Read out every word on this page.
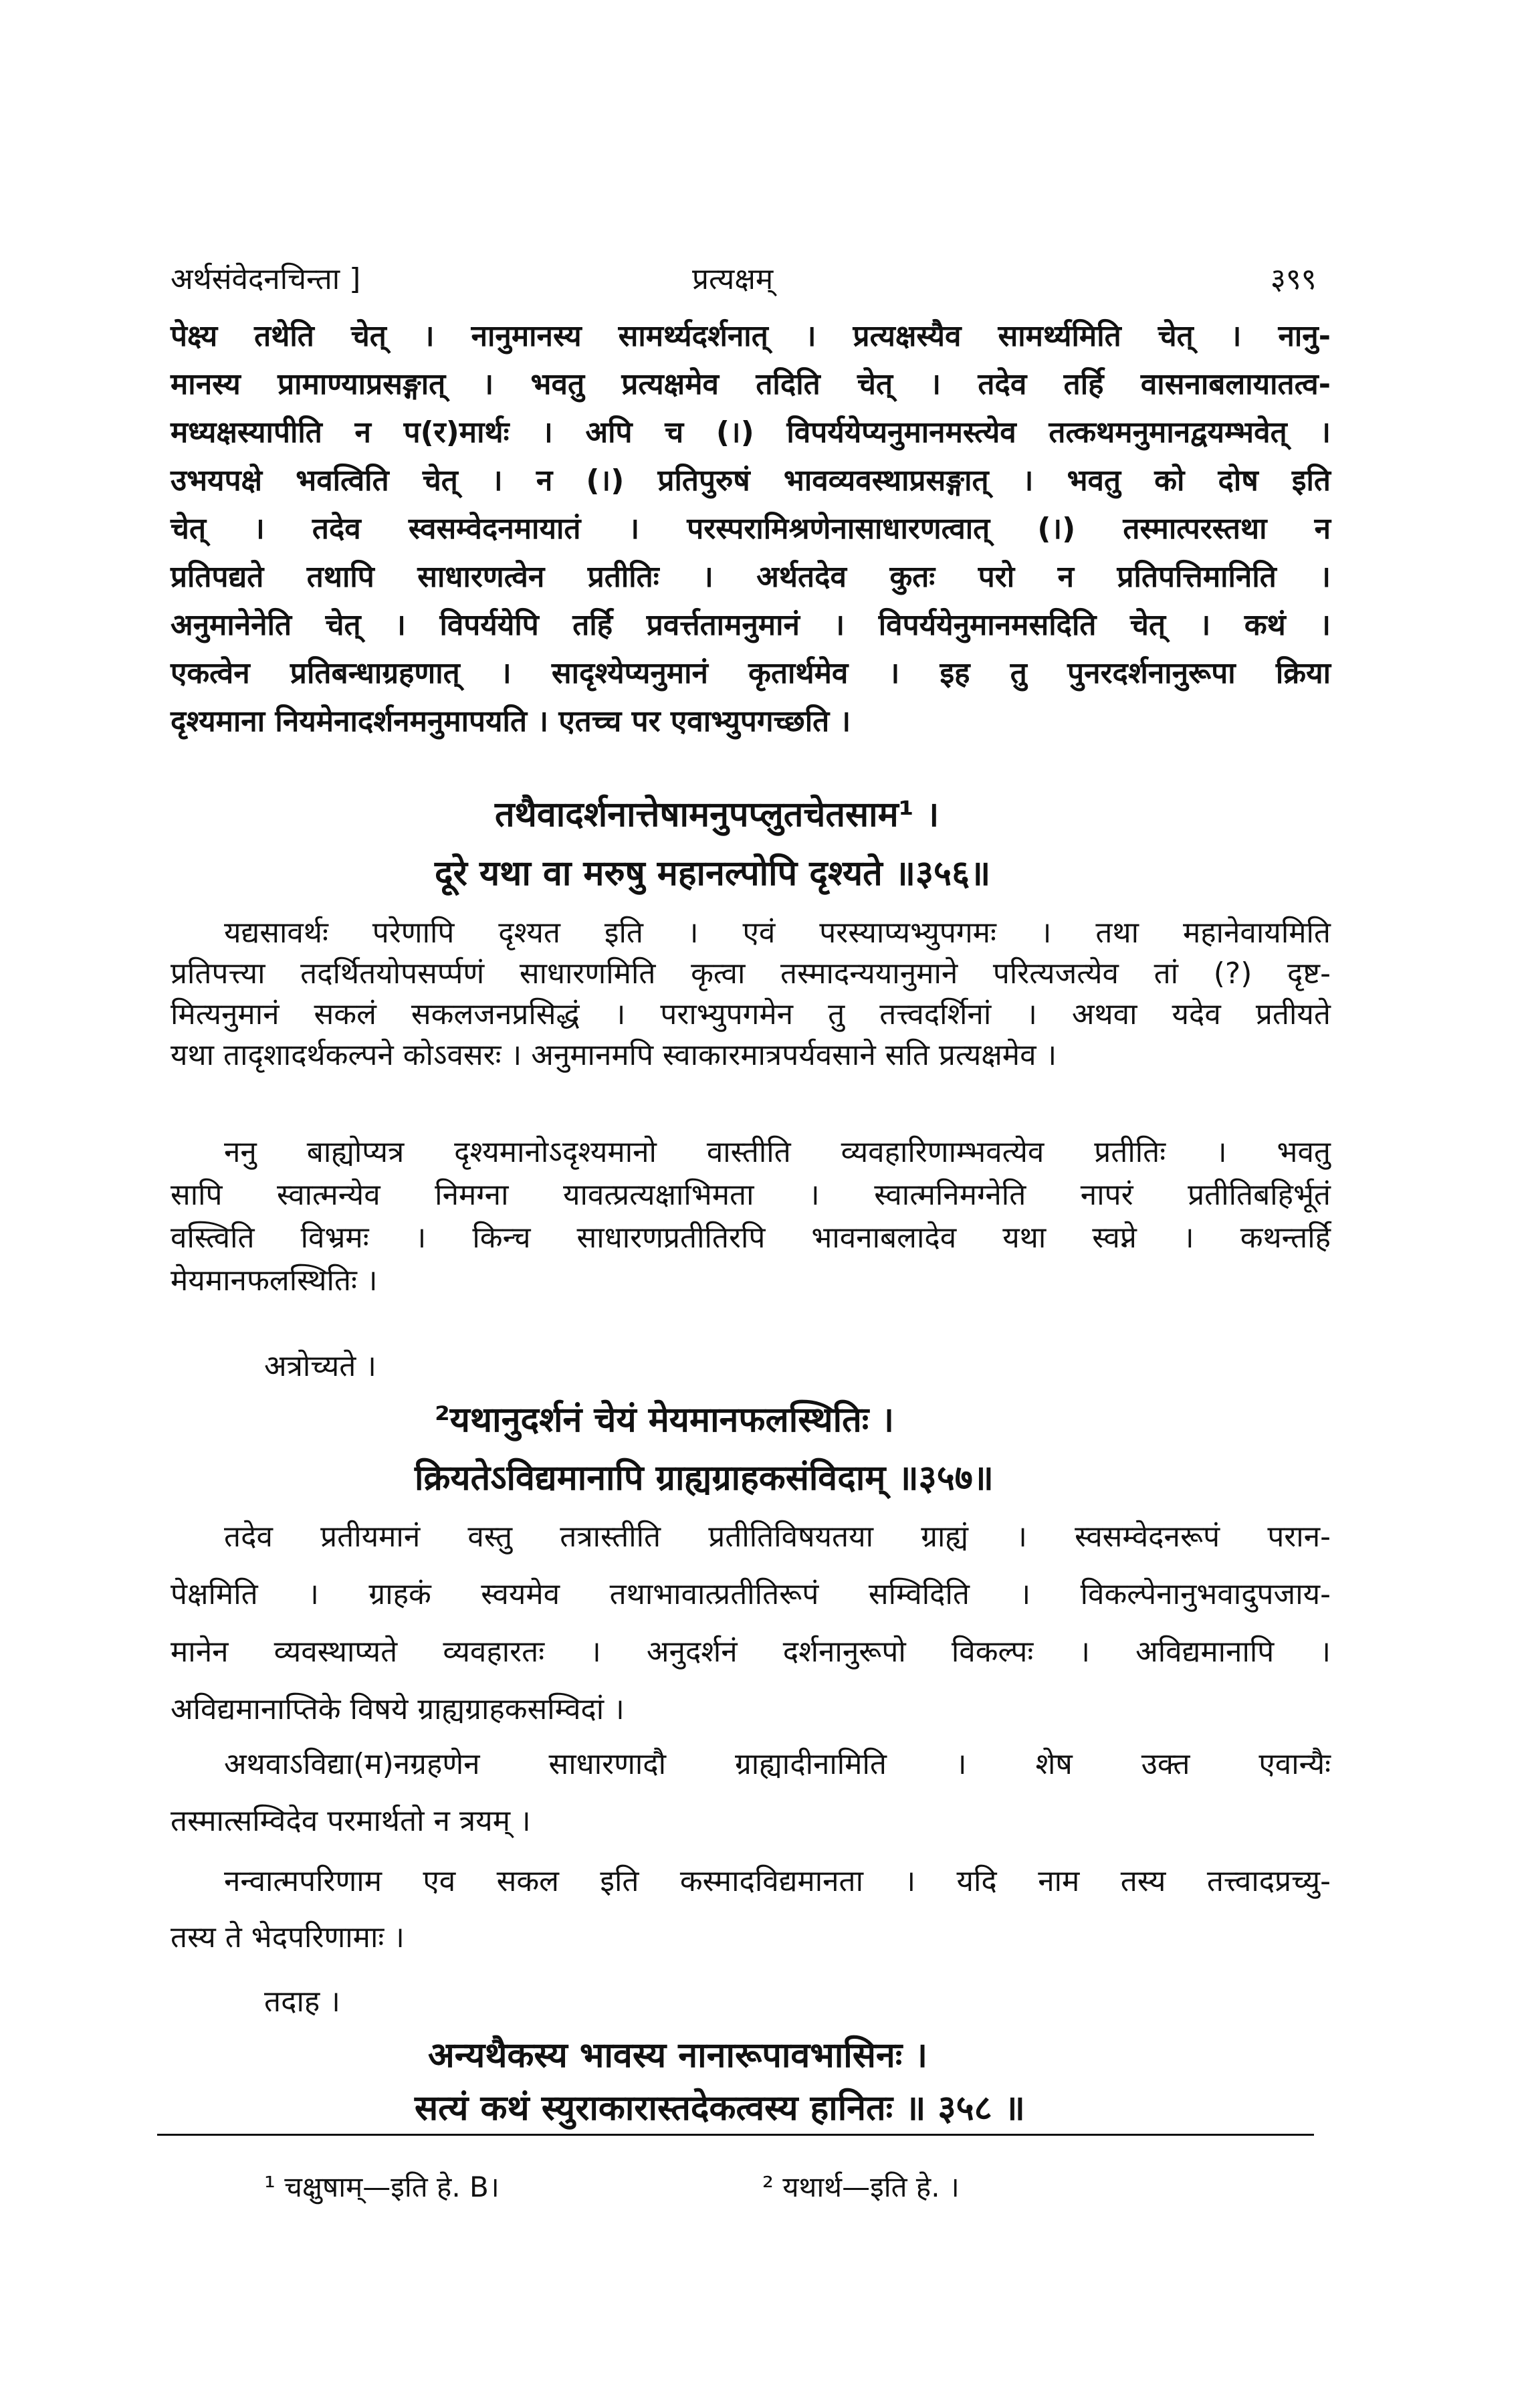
अर्थसंवेदनचिन्ता ]	प्रत्यक्षम्	३९९
पेक्ष्य तथेति चेत् । नानुमानस्य सामर्थ्यदर्शनात् । प्रत्यक्षस्यैव सामर्थ्यमिति चेत् । नानु-
मानस्य प्रामाण्याप्रसङ्गात् । भवतु प्रत्यक्षमेव तदिति चेत् । तदेव तर्हि वासनाबलायातत्व-
मध्यक्षस्यापीति न प(र)मार्थः । अपि च (।) विपर्ययेप्यनुमानमस्त्येव तत्कथमनुमानद्वयम्भवेत् ।
उभयपक्षे भवत्विति चेत् । न (।) प्रतिपुरुषं भावव्यवस्थाप्रसङ्गात् । भवतु को दोष इति
चेत् । तदेव स्वसम्वेदनमायातं । परस्परामिश्रणेनासाधारणत्वात् (।) तस्मात्परस्तथा न
प्रतिपद्यते तथापि साधारणत्वेन प्रतीतिः । अर्थतदेव कुतः परो न प्रतिपत्तिमानिति ।
अनुमानेनेति चेत् । विपर्ययेपि तर्हि प्रवर्त्ततामनुमानं । विपर्ययेनुमानमसदिति चेत् । कथं ।
एकत्वेन प्रतिबन्धाग्रहणात् । सादृश्येप्यनुमानं कृतार्थमेव । इह तु पुनरदर्शनानुरूपा क्रिया
दृश्यमाना नियमेनादर्शनमनुमापयति । एतच्च पर एवाभ्युपगच्छति ।
तथैवादर्शनात्तेषामनुपप्लुतचेतसाम¹ ।
दूरे यथा वा मरुषु महानल्पोपि दृश्यते ॥३५६॥
यद्यसावर्थः परेणापि दृश्यत इति । एवं परस्याप्यभ्युपगमः । तथा महानेवायमिति
प्रतिपत्त्या तदर्थितयोपसर्प्पणं साधारणमिति कृत्वा तस्मादन्ययानुमाने परित्यजत्येव तां (?) दृष्ट-
मित्यनुमानं सकलं सकलजनप्रसिद्धं । पराभ्युपगमेन तु तत्त्वदर्शिनां । अथवा यदेव प्रतीयते
यथा तादृशादर्थकल्पने कोऽवसरः । अनुमानमपि स्वाकारमात्रपर्यवसाने सति प्रत्यक्षमेव ।
ननु बाह्योप्यत्र दृश्यमानोऽदृश्यमानो वास्तीति व्यवहारिणाम्भवत्येव प्रतीतिः । भवतु
सापि स्वात्मन्येव निमग्ना यावत्प्रत्यक्षाभिमता । स्वात्मनिमग्नेति नापरं प्रतीतिबहिर्भूतं
वस्त्विति विभ्रमः । किन्च साधारणप्रतीतिरपि भावनाबलादेव यथा स्वप्ने । कथन्तर्हि
मेयमानफलस्थितिः ।
अत्रोच्यते ।
²यथानुदर्शनं चेयं मेयमानफलस्थितिः ।
क्रियतेऽविद्यमानापि ग्राह्यग्राहकसंविदाम् ॥३५७॥
तदेव प्रतीयमानं वस्तु तत्रास्तीति प्रतीतिविषयतया ग्राह्यं । स्वसम्वेदनरूपं परान-
पेक्षमिति । ग्राहकं स्वयमेव तथाभावात्प्रतीतिरूपं सम्विदिति । विकल्पेनानुभवादुपजाय-
मानेन व्यवस्थाप्यते व्यवहारतः । अनुदर्शनं दर्शनानुरूपो विकल्पः । अविद्यमानापि ।
अविद्यमानाप्तिके विषये ग्राह्यग्राहकसम्विदां ।
अथवाऽविद्या(म)नग्रहणेन साधारणादौ ग्राह्यादीनामिति । शेष उक्त एवान्यैः
तस्मात्सम्विदेव परमार्थतो न त्रयम् ।
नन्वात्मपरिणाम एव सकल इति कस्मादविद्यमानता । यदि नाम तस्य तत्त्वादप्रच्यु-
तस्य ते भेदपरिणामाः ।
तदाह ।
अन्यथैकस्य भावस्य नानारूपावभासिनः ।
सत्यं कथं स्युराकारास्तदेकत्वस्य हानितः ॥ ३५८ ॥
¹ चक्षुषाम्—इति हे. B।	² यथार्थ—इति हे. ।
